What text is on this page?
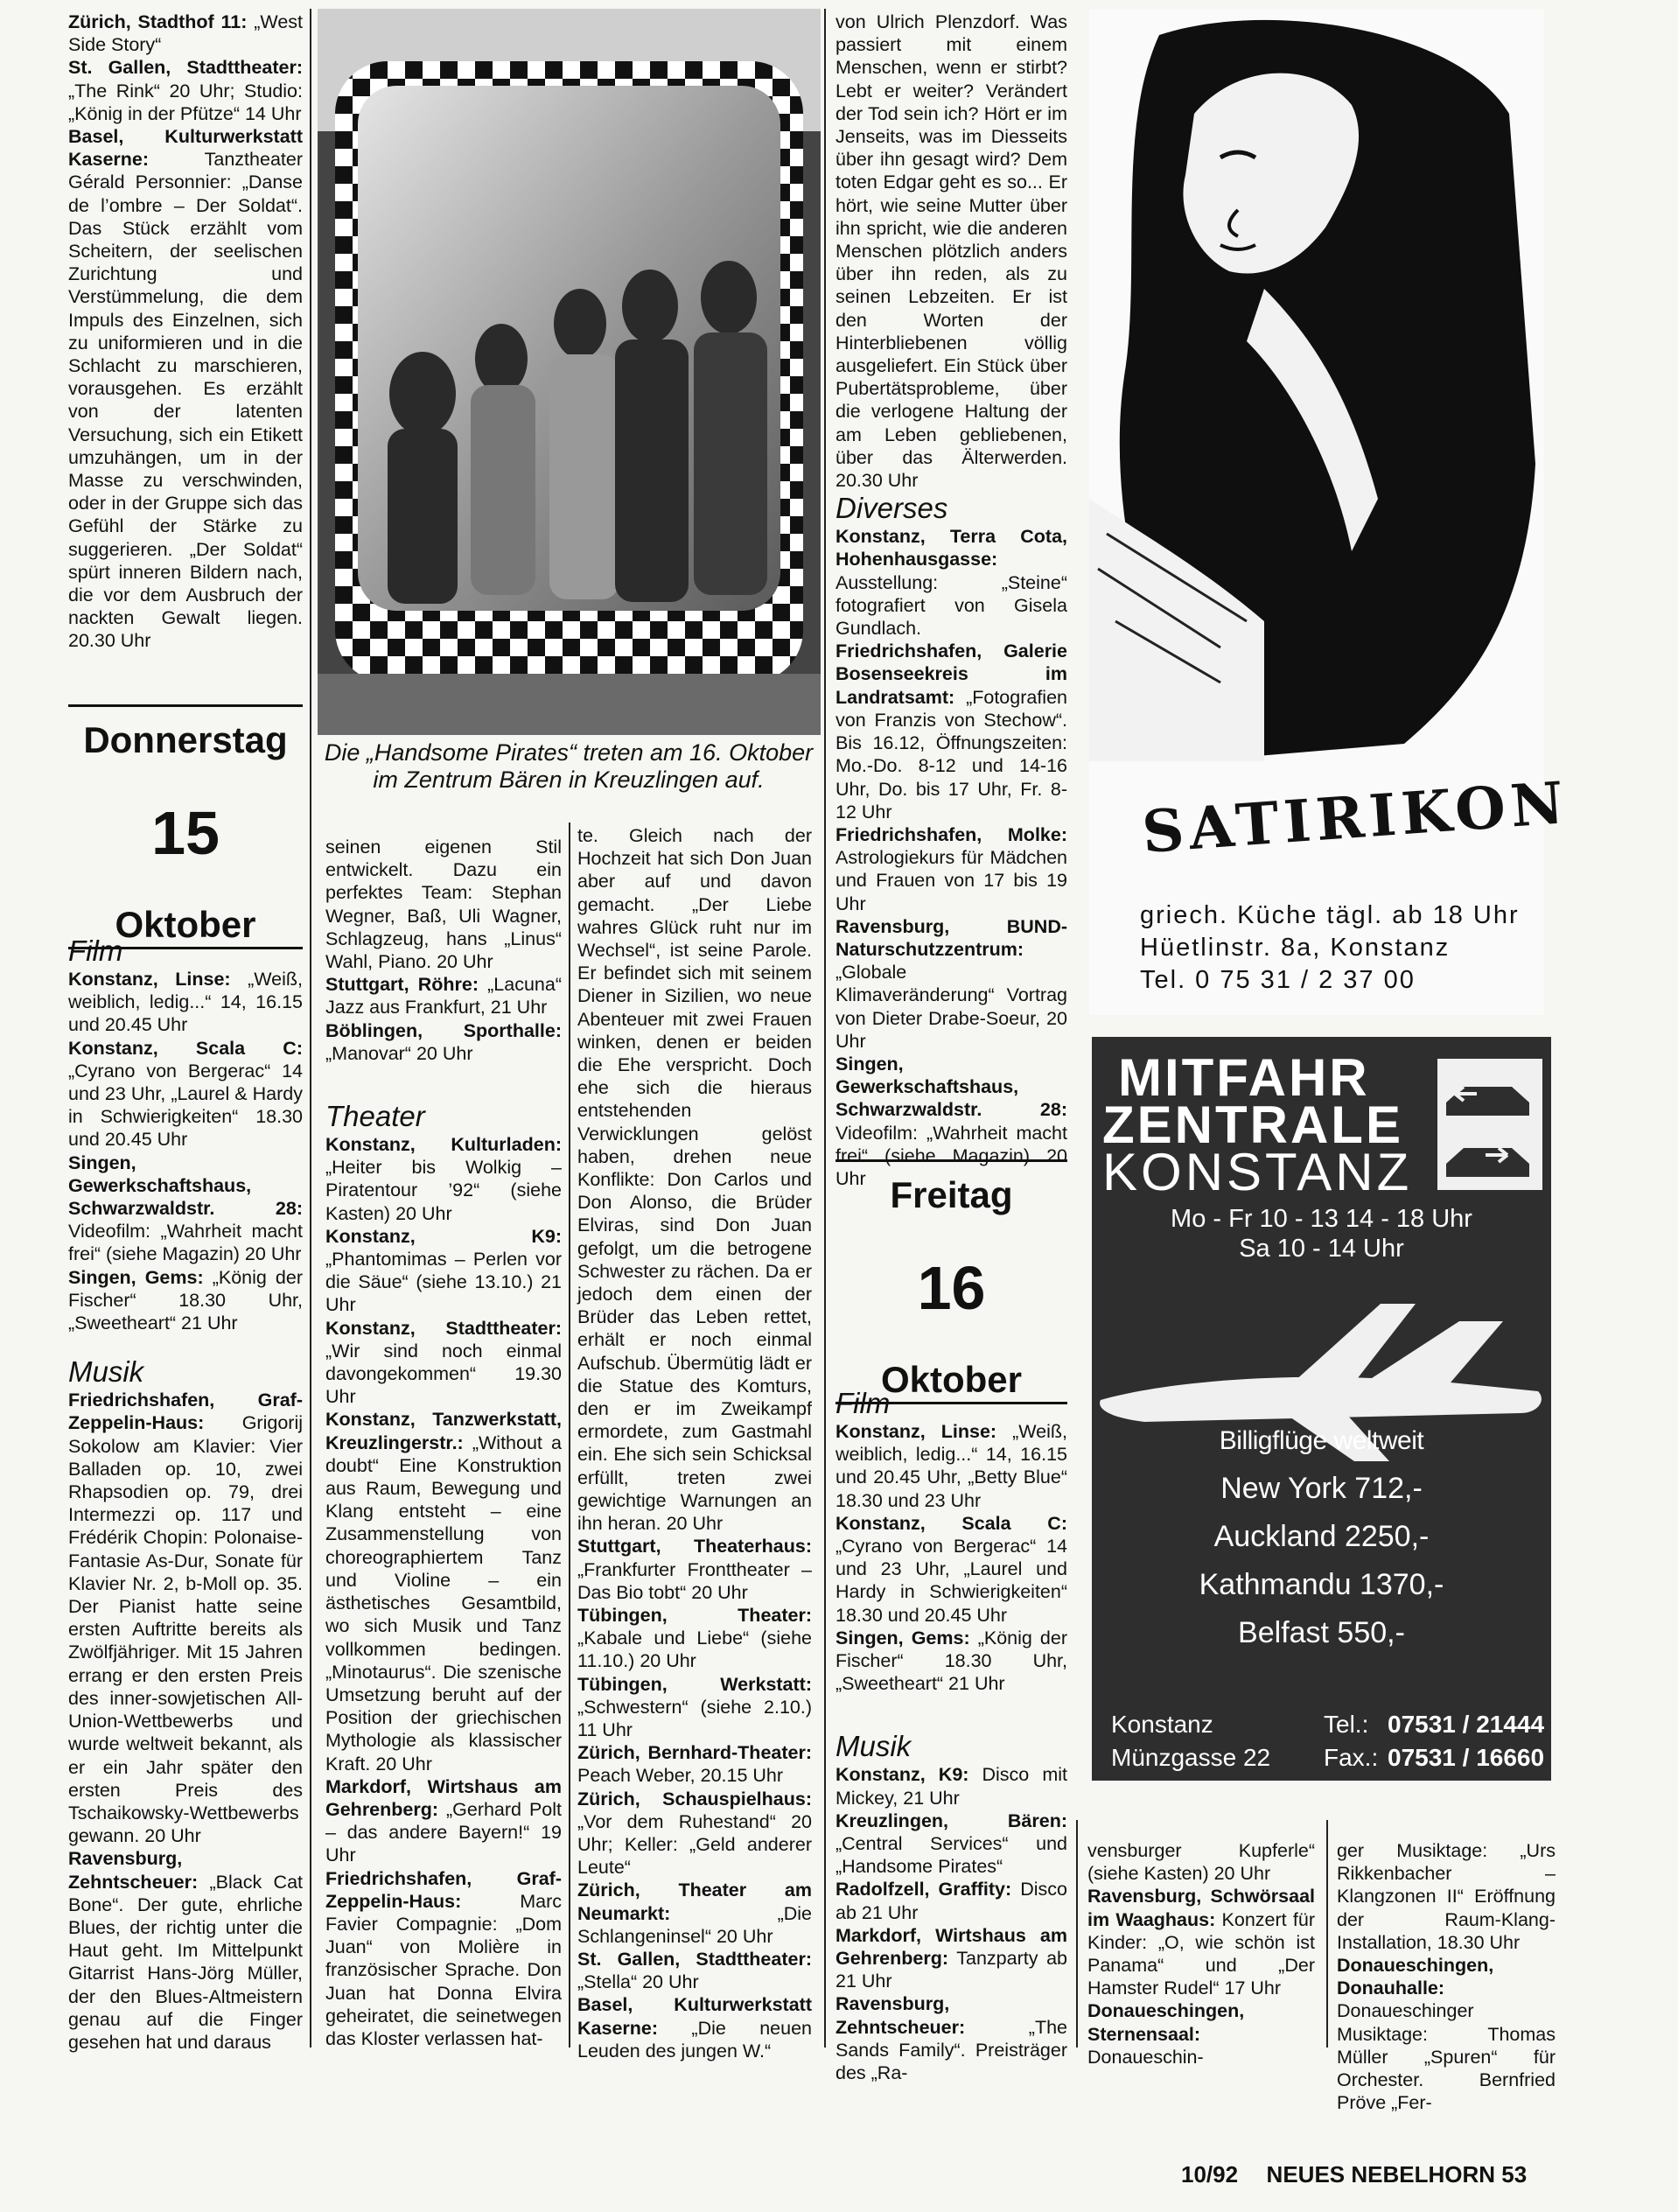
Zürich, Stadthof 11: „West Side Story“

St. Gallen, Stadttheater: „The Rink“ 20 Uhr; Studio: „König in der Pfütze“ 14 Uhr

Basel, Kulturwerkstatt Kaserne: Tanztheater Gérald Personnier: „Danse de l’ombre – Der Soldat“. Das Stück erzählt vom Scheitern, der seelischen Zurichtung und Verstümmelung, die dem Impuls des Einzelnen, sich zu uniformieren und in die Schlacht zu marschieren, vorausgehen. Es erzählt von der latenten Versuchung, sich ein Etikett umzuhängen, um in der Masse zu verschwinden, oder in der Gruppe sich das Gefühl der Stärke zu suggerieren. „Der Soldat“ spürt inneren Bildern nach, die vor dem Ausbruch der nackten Gewalt liegen. 20.30 Uhr

Donnerstag
15
Oktober
Film

Konstanz, Linse: „Weiß, weiblich, ledig...“ 14, 16.15 und 20.45 Uhr

Konstanz, Scala C: „Cyrano von Bergerac“ 14 und 23 Uhr, „Laurel & Hardy in Schwierigkeiten“ 18.30 und 20.45 Uhr

Singen, Gewerkschaftshaus, Schwarzwaldstr. 28: Videofilm: „Wahrheit macht frei“ (siehe Magazin) 20 Uhr

Singen, Gems: „König der Fischer“ 18.30 Uhr, „Sweetheart“ 21 Uhr

Musik

Friedrichshafen, Graf-Zeppelin-Haus: Grigorij Sokolow am Klavier: Vier Balladen op. 10, zwei Rhapsodien op. 79, drei Intermezzi op. 117 und Frédérik Chopin: Polonaise-Fantasie As-Dur, Sonate für Klavier Nr. 2, b-Moll op. 35. Der Pianist hatte seine ersten Auftritte bereits als Zwölfjähriger. Mit 15 Jahren errang er den ersten Preis des inner-sowjetischen All-Union-Wettbewerbs und wurde weltweit bekannt, als er ein Jahr später den ersten Preis des Tschaikowsky-Wettbewerbs gewann. 20 Uhr

Ravensburg, Zehntscheuer: „Black Cat Bone“. Der gute, ehrliche Blues, der richtig unter die Haut geht. Im Mittelpunkt Gitarrist Hans-Jörg Müller, der den Blues-Altmeistern genau auf die Finger gesehen hat und daraus

Die „Handsome Pirates“ treten am 16. Oktober im Zentrum Bären in Kreuzlingen auf.

seinen eigenen Stil entwickelt. Dazu ein perfektes Team: Stephan Wegner, Baß, Uli Wagner, Schlagzeug, hans „Linus“ Wahl, Piano. 20 Uhr

Stuttgart, Röhre: „Lacuna“ Jazz aus Frankfurt, 21 Uhr

Böblingen, Sporthalle: „Manovar“ 20 Uhr

Theater

Konstanz, Kulturladen: „Heiter bis Wolkig – Piratentour ’92“ (siehe Kasten) 20 Uhr

Konstanz, K9: „Phantomimas – Perlen vor die Säue“ (siehe 13.10.) 21 Uhr

Konstanz, Stadttheater: „Wir sind noch einmal davongekommen“ 19.30 Uhr

Konstanz, Tanzwerkstatt, Kreuzlingerstr.: „Without a doubt“ Eine Konstruktion aus Raum, Bewegung und Klang entsteht – eine Zusammenstellung von choreographiertem Tanz und Violine – ein ästhetisches Gesamtbild, wo sich Musik und Tanz vollkommen bedingen. „Minotaurus“. Die szenische Umsetzung beruht auf der Position der griechischen Mythologie als klassischer Kraft. 20 Uhr

Markdorf, Wirtshaus am Gehrenberg: „Gerhard Polt – das andere Bayern!“ 19 Uhr

Friedrichshafen, Graf-Zeppelin-Haus: Marc Favier Compagnie: „Dom Juan“ von Molière in französischer Sprache. Don Juan hat Donna Elvira geheiratet, die seinetwegen das Kloster verlassen hat-

te. Gleich nach der Hochzeit hat sich Don Juan aber auf und davon gemacht. „Der Liebe wahres Glück ruht nur im Wechsel“, ist seine Parole. Er befindet sich mit seinem Diener in Sizilien, wo neue Abenteuer mit zwei Frauen winken, denen er beiden die Ehe verspricht. Doch ehe sich die hieraus entstehenden Verwicklungen gelöst haben, drehen neue Konflikte: Don Carlos und Don Alonso, die Brüder Elviras, sind Don Juan gefolgt, um die betrogene Schwester zu rächen. Da er jedoch dem einen der Brüder das Leben rettet, erhält er noch einmal Aufschub. Übermütig lädt er die Statue des Komturs, den er im Zweikampf ermordete, zum Gastmahl ein. Ehe sich sein Schicksal erfüllt, treten zwei gewichtige Warnungen an ihn heran. 20 Uhr

Stuttgart, Theaterhaus: „Frankfurter Fronttheater – Das Bio tobt“ 20 Uhr

Tübingen, Theater: „Kabale und Liebe“ (siehe 11.10.) 20 Uhr

Tübingen, Werkstatt: „Schwestern“ (siehe 2.10.) 11 Uhr

Zürich, Bernhard-Theater: Peach Weber, 20.15 Uhr

Zürich, Schauspielhaus: „Vor dem Ruhestand“ 20 Uhr; Keller: „Geld anderer Leute“

Zürich, Theater am Neumarkt: „Die Schlangeninsel“ 20 Uhr

St. Gallen, Stadttheater: „Stella“ 20 Uhr

Basel, Kulturwerkstatt Kaserne: „Die neuen Leuden des jungen W.“

von Ulrich Plenzdorf. Was passiert mit einem Menschen, wenn er stirbt? Lebt er weiter? Verändert der Tod sein ich? Hört er im Jenseits, was im Diesseits über ihn gesagt wird? Dem toten Edgar geht es so... Er hört, wie seine Mutter über ihn spricht, wie die anderen Menschen plötzlich anders über ihn reden, als zu seinen Lebzeiten. Er ist den Worten der Hinterbliebenen völlig ausgeliefert. Ein Stück über Pubertätsprobleme, über die verlogene Haltung der am Leben gebliebenen, über das Älterwerden. 20.30 Uhr

Diverses

Konstanz, Terra Cota, Hohenhausgasse: Ausstellung: „Steine“ fotografiert von Gisela Gundlach.

Friedrichshafen, Galerie Bosenseekreis im Landratsamt: „Fotografien von Franzis von Stechow“. Bis 16.12, Öffnungszeiten: Mo.-Do. 8-12 und 14-16 Uhr, Do. bis 17 Uhr, Fr. 8-12 Uhr

Friedrichshafen, Molke: Astrologiekurs für Mädchen und Frauen von 17 bis 19 Uhr

Ravensburg, BUND-Naturschutzzentrum: „Globale Klimaveränderung“ Vortrag von Dieter Drabe-Soeur, 20 Uhr

Singen, Gewerkschaftshaus, Schwarzwaldstr. 28: Videofilm: „Wahrheit macht frei“ (siehe Magazin) 20 Uhr Freitag
16
Oktober
Film

Konstanz, Linse: „Weiß, weiblich, ledig...“ 14, 16.15 und 20.45 Uhr, „Betty Blue“ 18.30 und 23 Uhr

Konstanz, Scala C: „Cyrano von Bergerac“ 14 und 23 Uhr, „Laurel und Hardy in Schwierigkeiten“ 18.30 und 20.45 Uhr

Singen, Gems: „König der Fischer“ 18.30 Uhr, „Sweetheart“ 21 Uhr

Musik

Konstanz, K9: Disco mit Mickey, 21 Uhr

Kreuzlingen, Bären: „Central Services“ und „Handsome Pirates“

Radolfzell, Graffity: Disco ab 21 Uhr

Markdorf, Wirtshaus am Gehrenberg: Tanzparty ab 21 Uhr

Ravensburg, Zehntscheuer: „The Sands Family“. Preisträger des „Ra-

SATIRIKON
griech. Küche tägl. ab 18 Uhr
Hüetlinstr. 8a, Konstanz
Tel. 0 75 31 / 2 37 00
MITFAHR
ZENTRALE
KONSTANZ
Mo - Fr 10 - 13 14 - 18 Uhr
Sa 10 - 14 Uhr
Billigflüge weltweit
New York 712,-
Auckland 2250,-
Kathmandu 1370,-
Belfast 550,-
Konstanz
Münzgasse 22
Tel.:
Fax.:
07531 / 21444
07531 / 16660

vensburger Kupferle“ (siehe Kasten) 20 Uhr

Ravensburg, Schwörsaal im Waaghaus: Konzert für Kinder: „O, wie schön ist Panama“ und „Der Hamster Rudel“ 17 Uhr

Donaueschingen, Sternensaal: Donaueschin-

ger Musiktage: „Urs Rikkenbacher – Klangzonen II“ Eröffnung der Raum-Klang-Installation, 18.30 Uhr

Donaueschingen, Donauhalle: Donaueschinger Musiktage: Thomas Müller „Spuren“ für Orchester. Bernfried Pröve „Fer-

10/92 NEUES NEBELHORN 53
